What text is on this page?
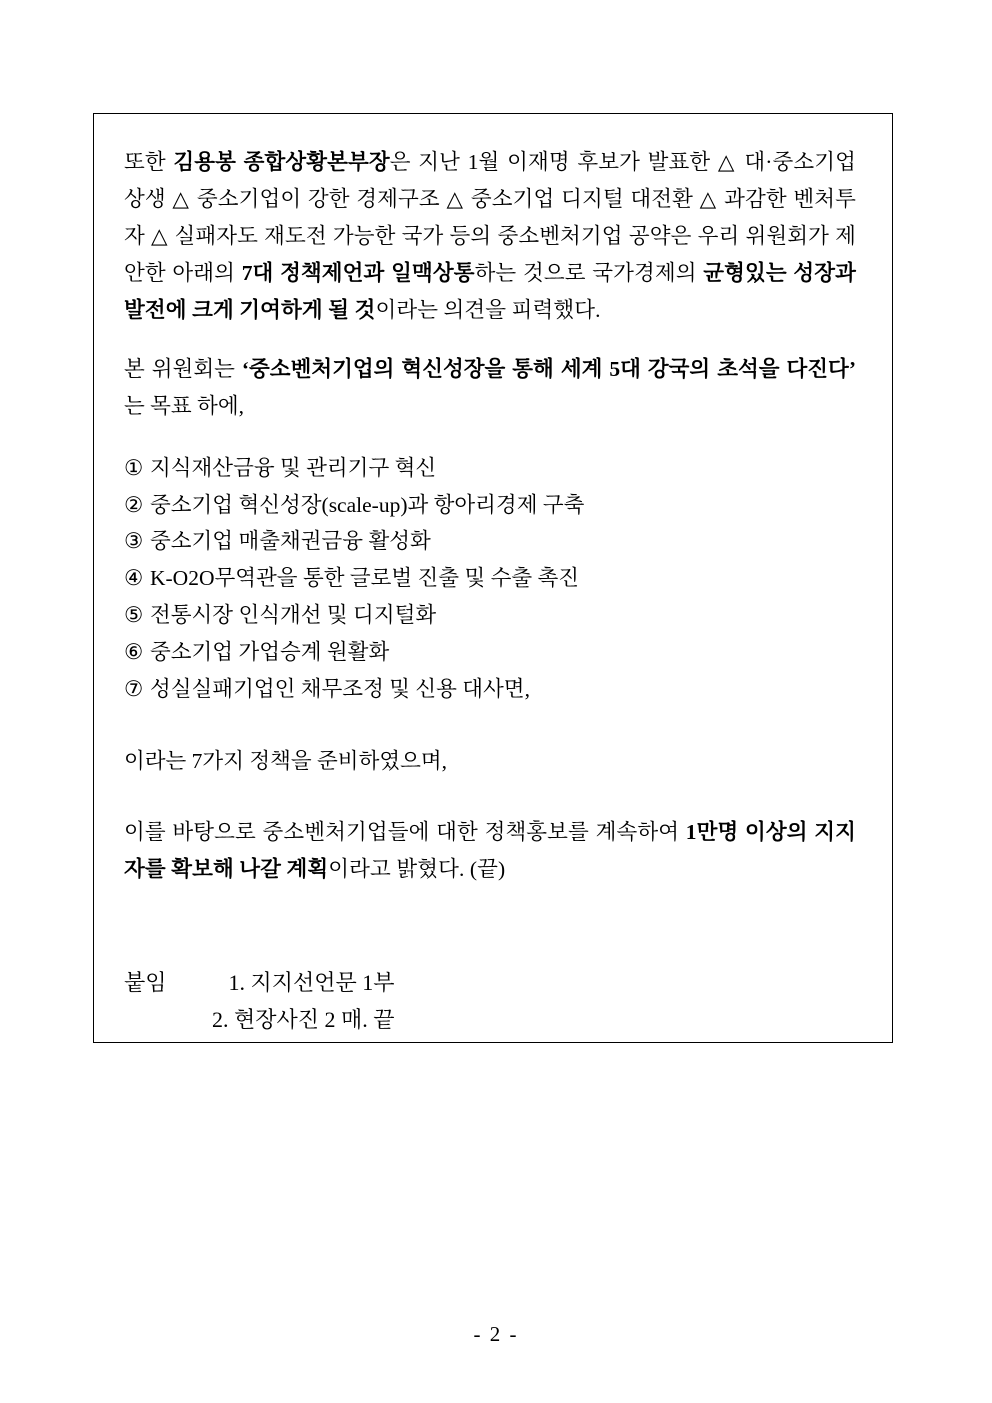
또한 김용봉 종합상황본부장은 지난 1월 이재명 후보가 발표한 △ 대·중소기업 상생 △ 중소기업이 강한 경제구조 △ 중소기업 디지털 대전환 △ 과감한 벤처투자 △ 실패자도 재도전 가능한 국가 등의 중소벤처기업 공약은 우리 위원회가 제안한 아래의 7대 정책제언과 일맥상통하는 것으로 국가경제의 균형있는 성장과 발전에 크게 기여하게 될 것이라는 의견을 피력했다.

본 위원회는 ‘중소벤처기업의 혁신성장을 통해 세계 5대 강국의 초석을 다진다’ 는 목표 하에,

① 지식재산금융 및 관리기구 혁신
② 중소기업 혁신성장(scale-up)과 항아리경제 구축
③ 중소기업 매출채권금융 활성화
④ K-O2O무역관을 통한 글로벌 진출 및 수출 촉진
⑤ 전통시장 인식개선 및 디지털화
⑥ 중소기업 가업승계 원활화
⑦ 성실실패기업인 채무조정 및 신용 대사면,

이라는 7가지 정책을 준비하였으며,

이를 바탕으로 중소벤처기업들에 대한 정책홍보를 계속하여 1만명 이상의 지지자를 확보해 나갈 계획이라고 밝혔다. (끝)

붙임	1. 지지선언문 1부

2. 현장사진 2 매. 끝

- 2 -
